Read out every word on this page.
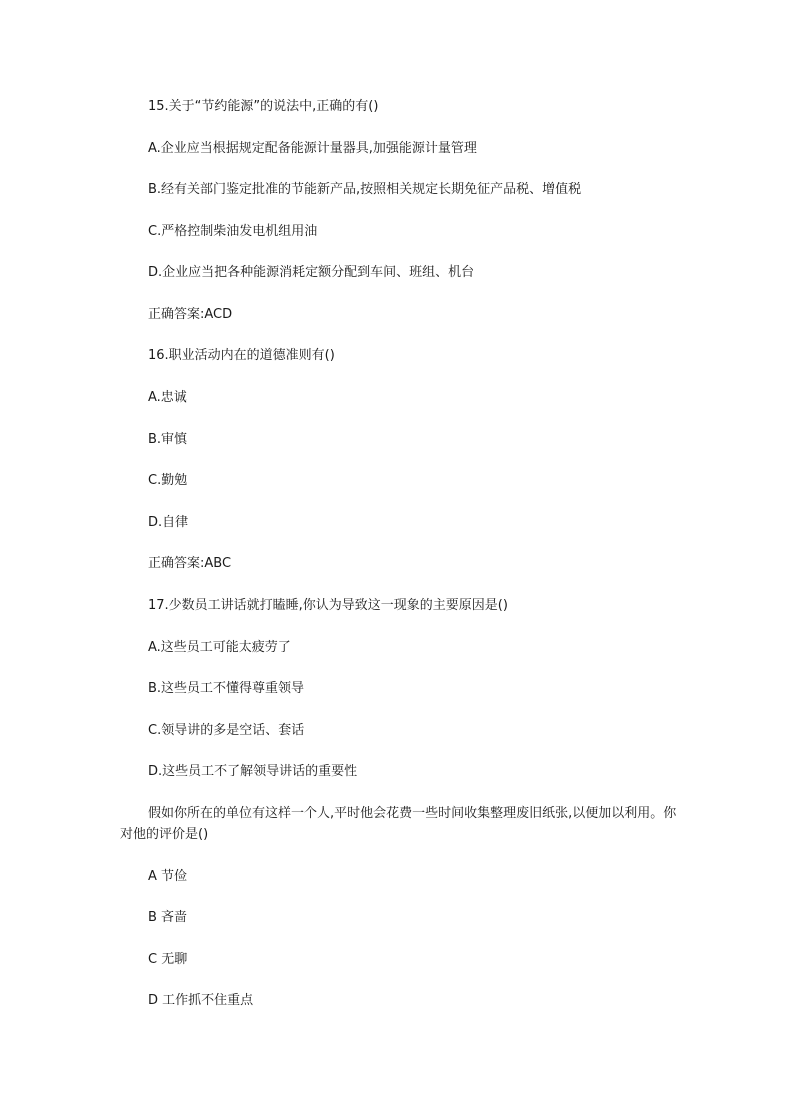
15.关于“节约能源”的说法中,正确的有()
A.企业应当根据规定配备能源计量器具,加强能源计量管理
B.经有关部门鉴定批准的节能新产品,按照相关规定长期免征产品税、增值税
C.严格控制柴油发电机组用油
D.企业应当把各种能源消耗定额分配到车间、班组、机台
正确答案:ACD
16.职业活动内在的道德准则有()
A.忠诚
B.审慎
C.勤勉
D.自律
正确答案:ABC
17.少数员工讲话就打瞌睡,你认为导致这一现象的主要原因是()
A.这些员工可能太疲劳了
B.这些员工不懂得尊重领导
C.领导讲的多是空话、套话
D.这些员工不了解领导讲话的重要性
假如你所在的单位有这样一个人,平时他会花费一些时间收集整理废旧纸张,以便加以利用。你对他的评价是()
A 节俭
B 吝啬
C 无聊
D 工作抓不住重点
